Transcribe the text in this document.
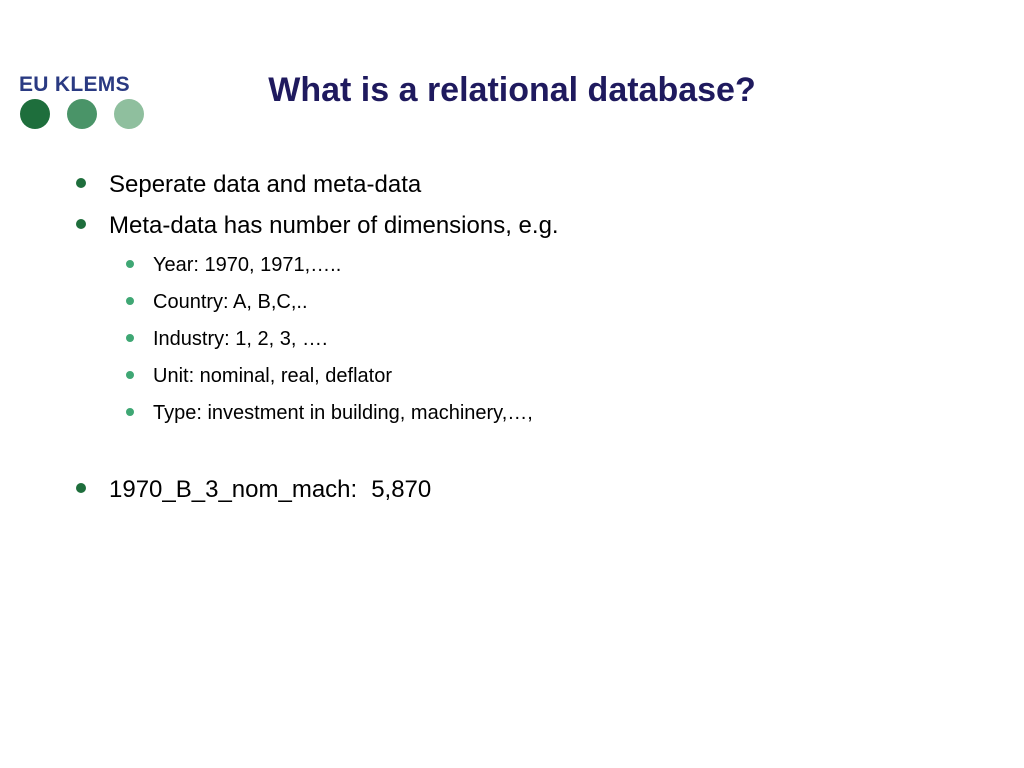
EU KLEMS	What is a relational database?
Seperate data and meta-data
Meta-data has number of dimensions, e.g.
Year: 1970, 1971,…..
Country: A, B,C,..
Industry: 1, 2, 3, ….
Unit: nominal, real, deflator
Type: investment in building, machinery,…,
1970_B_3_nom_mach: 5,870
